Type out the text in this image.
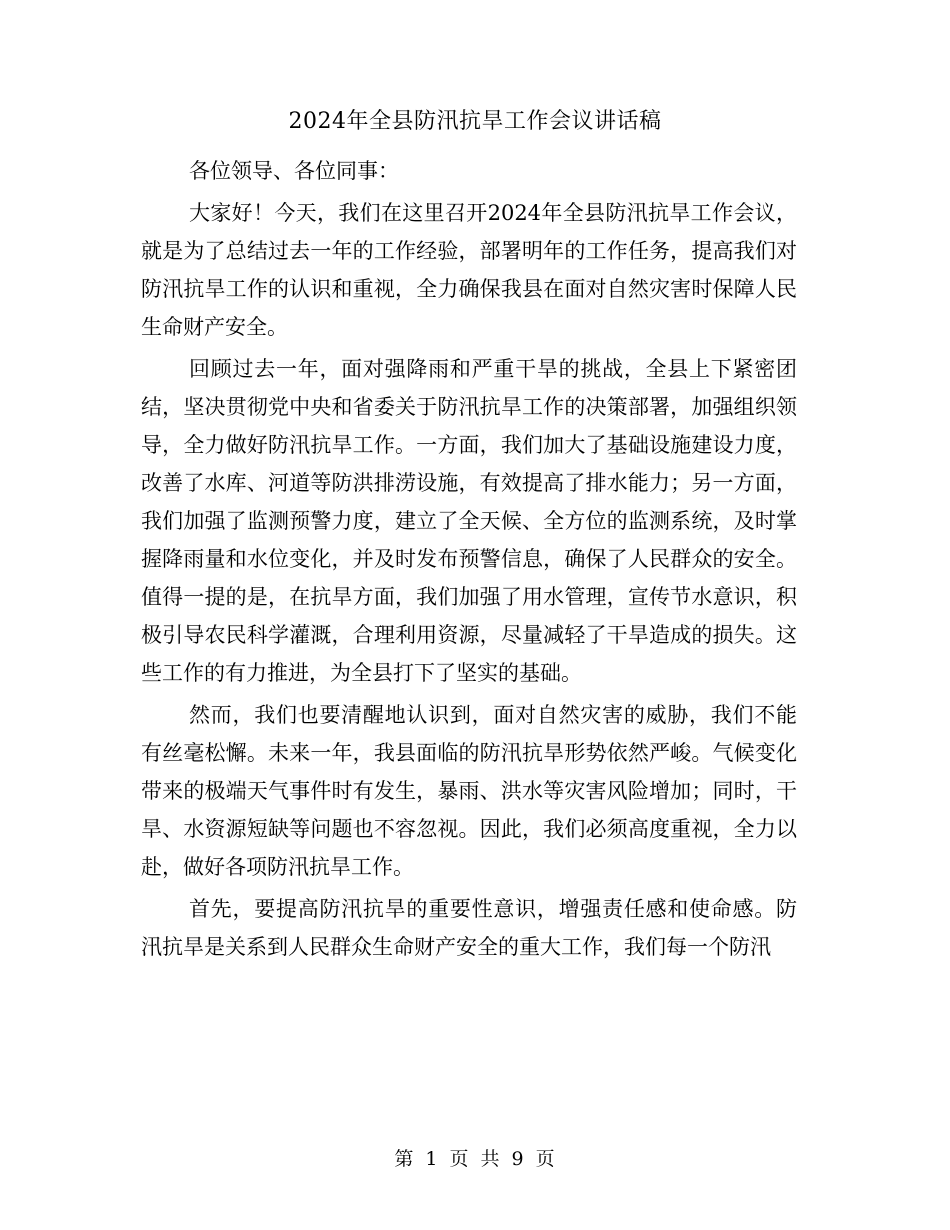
2024年全县防汛抗旱工作会议讲话稿

各位领导、各位同事：

大家好！今天，我们在这里召开2024年全县防汛抗旱工作会议，就是为了总结过去一年的工作经验，部署明年的工作任务，提高我们对防汛抗旱工作的认识和重视，全力确保我县在面对自然灾害时保障人民生命财产安全。

回顾过去一年，面对强降雨和严重干旱的挑战，全县上下紧密团结，坚决贯彻党中央和省委关于防汛抗旱工作的决策部署，加强组织领导，全力做好防汛抗旱工作。一方面，我们加大了基础设施建设力度，改善了水库、河道等防洪排涝设施，有效提高了排水能力；另一方面，我们加强了监测预警力度，建立了全天候、全方位的监测系统，及时掌握降雨量和水位变化，并及时发布预警信息，确保了人民群众的安全。值得一提的是，在抗旱方面，我们加强了用水管理，宣传节水意识，积极引导农民科学灌溉，合理利用资源，尽量减轻了干旱造成的损失。这些工作的有力推进，为全县打下了坚实的基础。

然而，我们也要清醒地认识到，面对自然灾害的威胁，我们不能有丝毫松懈。未来一年，我县面临的防汛抗旱形势依然严峻。气候变化带来的极端天气事件时有发生，暴雨、洪水等灾害风险增加；同时，干旱、水资源短缺等问题也不容忽视。因此，我们必须高度重视，全力以赴，做好各项防汛抗旱工作。

首先，要提高防汛抗旱的重要性意识，增强责任感和使命感。防汛抗旱是关系到人民群众生命财产安全的重大工作，我们每一个防汛

第 1 页 共 9 页
